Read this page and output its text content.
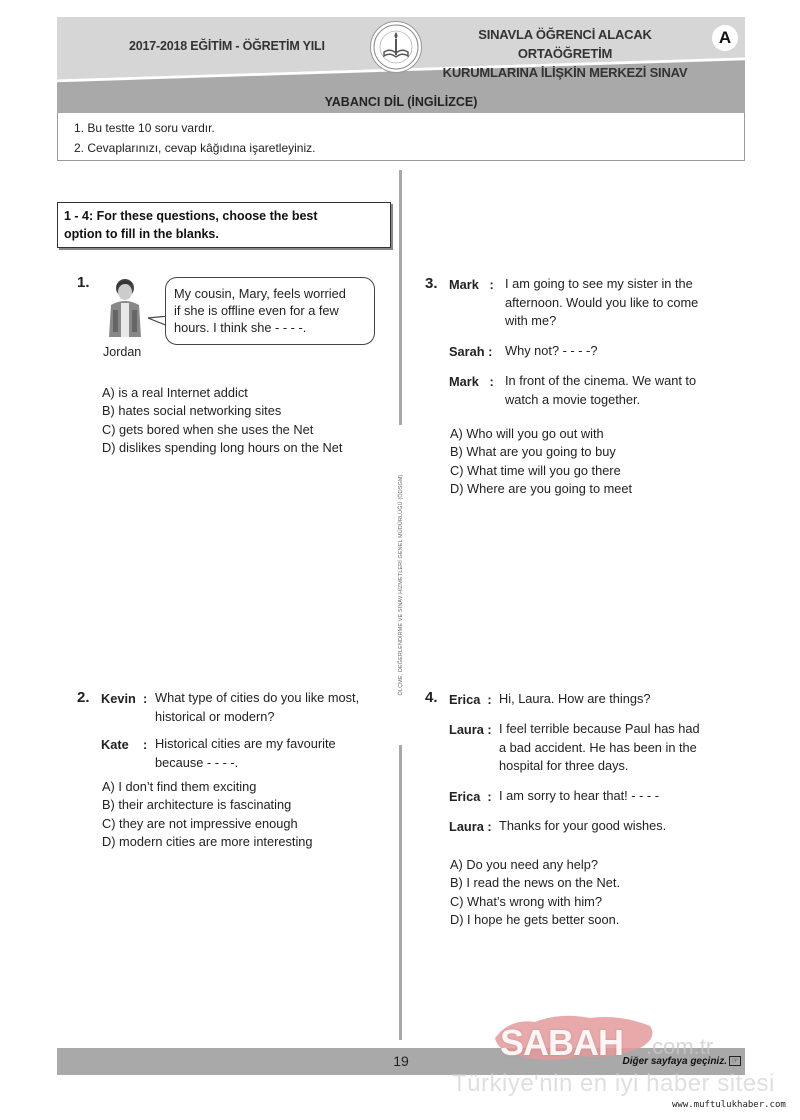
2017-2018 EĞİTİM - ÖĞRETİM YILI
SINAVLA ÖĞRENCİ ALACAK ORTAÖĞRETİM
KURUMLARINA İLİŞKİN MERKEZİ SINAV
A
YABANCI DİL (İNGİLİZCE)
1. Bu testte 10 soru vardır.
2. Cevaplarınızı, cevap kâğıdına işaretleyiniz.
ÖLÇME, DEĞERLENDİRME VE SINAV HİZMETLERİ GENEL MÜDÜRLÜĞÜ (ÖDSGM)
1 - 4: For these questions, choose the best
option to fill in the blanks.
1.
Jordan
My cousin, Mary, feels worried
if she is offline even for a few
hours. I think she - - - -.
A) is a real Internet addict
B) hates social networking sites
C) gets bored when she uses the Net
D) dislikes spending long hours on the Net
2. Kevin  : What type of cities do you like most,
historical or modern?
Kate    : Historical cities are my favourite
because - - - -.
A) I don’t find them exciting
B) their architecture is fascinating
C) they are not impressive enough
D) modern cities are more interesting
3. Mark   : I am going to see my sister in the
afternoon. Would you like to come
with me?
Sarah : Why not? - - - -?
Mark   : In front of the cinema. We want to
watch a movie together.
A) Who will you go out with
B) What are you going to buy
C) What time will you go there
D) Where are you going to meet
4. Erica  : Hi, Laura. How are things?
Laura : I feel terrible because Paul has had
a bad accident. He has been in the
hospital for three days.
Erica  : I am sorry to hear that! - - - -
Laura : Thanks for your good wishes.
A) Do you need any help?
B) I read the news on the Net.
C) What’s wrong with him?
D) I hope he gets better soon.
19	Diğer sayfaya geçiniz. ☞
SABAH .com.tr
Türkiye'nin en iyi haber sitesi
www.muftulukhaber.com
